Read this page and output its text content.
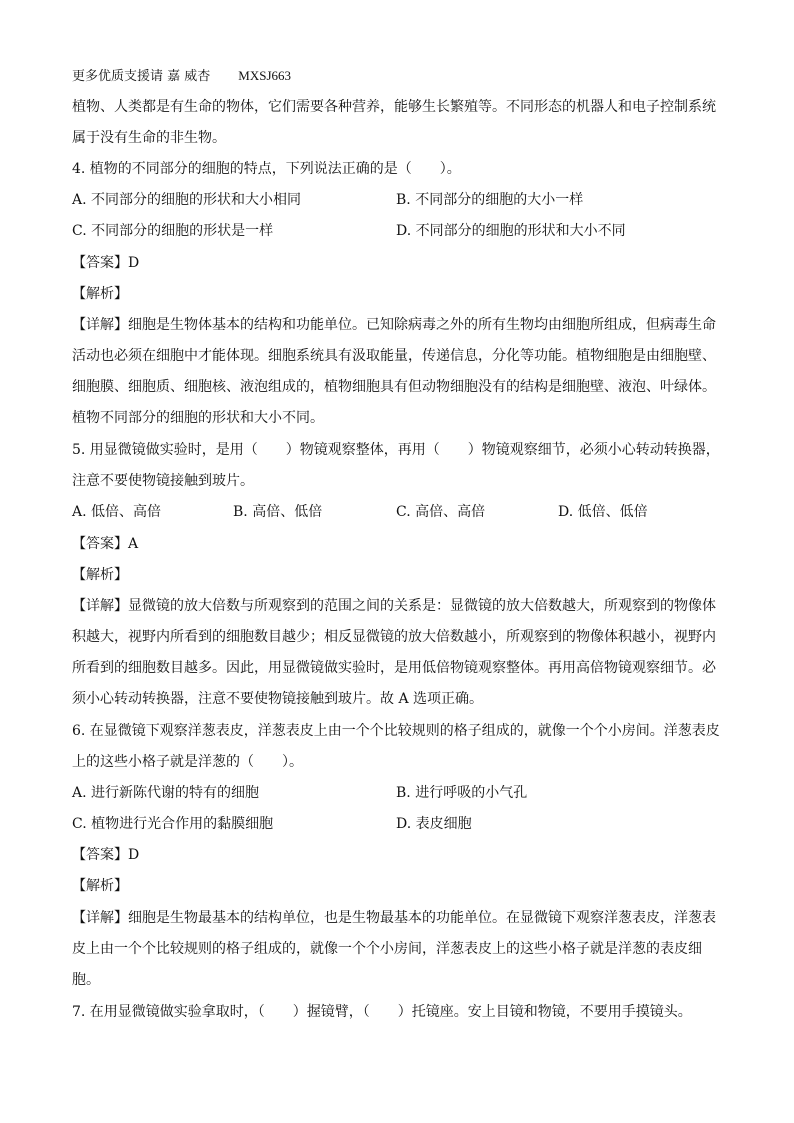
更多优质支援请 嘉 威杏 MXSJ663
植物、人类都是有生命的物体，它们需要各种营养，能够生长繁殖等。不同形态的机器人和电子控制系统
属于没有生命的非生物。
4. 植物的不同部分的细胞的特点，下列说法正确的是（　　）。
A. 不同部分的细胞的形状和大小相同	B. 不同部分的细胞的大小一样
C. 不同部分的细胞的形状是一样	D. 不同部分的细胞的形状和大小不同
【答案】D
【解析】
【详解】细胞是生物体基本的结构和功能单位。已知除病毒之外的所有生物均由细胞所组成，但病毒生命
活动也必须在细胞中才能体现。细胞系统具有汲取能量，传递信息，分化等功能。植物细胞是由细胞壁、
细胞膜、细胞质、细胞核、液泡组成的，植物细胞具有但动物细胞没有的结构是细胞壁、液泡、叶绿体。
植物不同部分的细胞的形状和大小不同。
5. 用显微镜做实验时，是用（　　）物镜观察整体，再用（　　）物镜观察细节，必须小心转动转换器，
注意不要使物镜接触到玻片。
A. 低倍、高倍	B. 高倍、低倍	C. 高倍、高倍	D. 低倍、低倍
【答案】A
【解析】
【详解】显微镜的放大倍数与所观察到的范围之间的关系是：显微镜的放大倍数越大，所观察到的物像体
积越大，视野内所看到的细胞数目越少；相反显微镜的放大倍数越小，所观察到的物像体积越小，视野内
所看到的细胞数目越多。因此，用显微镜做实验时，是用低倍物镜观察整体。再用高倍物镜观察细节。必
须小心转动转换器，注意不要使物镜接触到玻片。故 A 选项正确。
6. 在显微镜下观察洋葱表皮，洋葱表皮上由一个个比较规则的格子组成的，就像一个个小房间。洋葱表皮
上的这些小格子就是洋葱的（　　）。
A. 进行新陈代谢的特有的细胞	B. 进行呼吸的小气孔
C. 植物进行光合作用的黏膜细胞	D. 表皮细胞
【答案】D
【解析】
【详解】细胞是生物最基本的结构单位，也是生物最基本的功能单位。在显微镜下观察洋葱表皮，洋葱表
皮上由一个个比较规则的格子组成的，就像一个个小房间，洋葱表皮上的这些小格子就是洋葱的表皮细
胞。
7. 在用显微镜做实验拿取时，（　　）握镜臂，（　　）托镜座。安上目镜和物镜，不要用手摸镜头。
